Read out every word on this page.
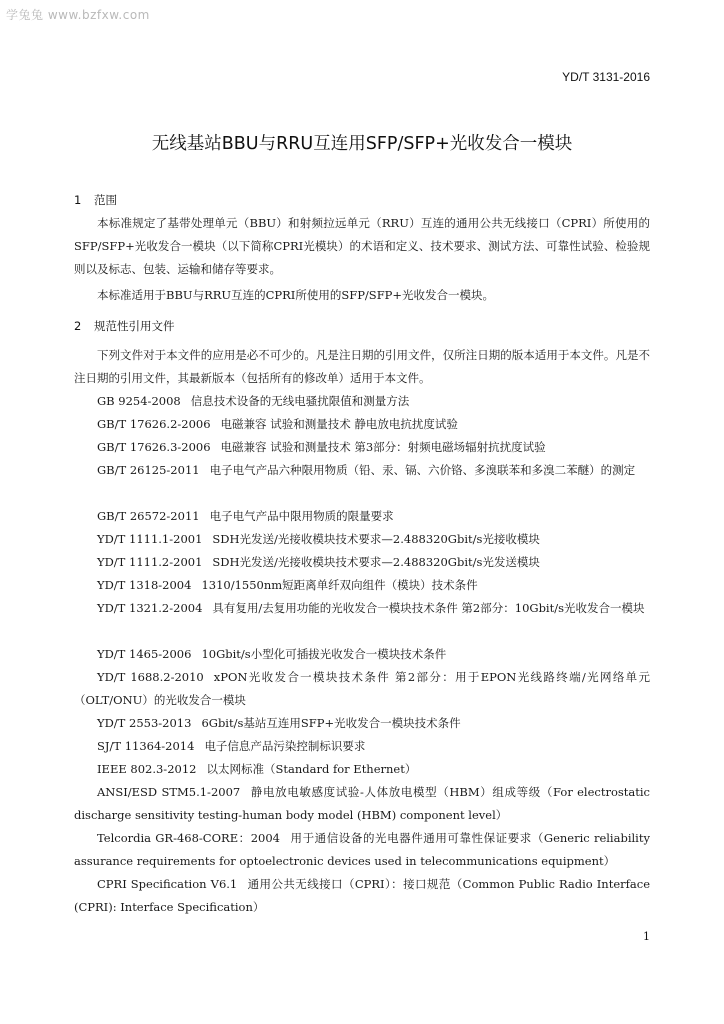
学兔兔 www.bzfxw.com
YD/T 3131-2016
无线基站BBU与RRU互连用SFP/SFP+光收发合一模块
1 范围

本标准规定了基带处理单元（BBU）和射频拉远单元（RRU）互连的通用公共无线接口（CPRI）所使用的SFP/SFP+光收发合一模块（以下简称CPRI光模块）的术语和定义、技术要求、测试方法、可靠性试验、检验规则以及标志、包装、运输和储存等要求。

本标准适用于BBU与RRU互连的CPRI所使用的SFP/SFP+光收发合一模块。

2 规范性引用文件

下列文件对于本文件的应用是必不可少的。凡是注日期的引用文件，仅所注日期的版本适用于本文件。凡是不注日期的引用文件，其最新版本（包括所有的修改单）适用于本文件。

GB 9254-2008 信息技术设备的无线电骚扰限值和测量方法

GB/T 17626.2-2006 电磁兼容 试验和测量技术 静电放电抗扰度试验

GB/T 17626.3-2006 电磁兼容 试验和测量技术 第3部分：射频电磁场辐射抗扰度试验

GB/T 26125-2011 电子电气产品六种限用物质（铅、汞、镉、六价铬、多溴联苯和多溴二苯醚）的测定

GB/T 26572-2011 电子电气产品中限用物质的限量要求

YD/T 1111.1-2001 SDH光发送/光接收模块技术要求—2.488320Gbit/s光接收模块

YD/T 1111.2-2001 SDH光发送/光接收模块技术要求—2.488320Gbit/s光发送模块

YD/T 1318-2004 1310/1550nm短距离单纤双向组件（模块）技术条件

YD/T 1321.2-2004 具有复用/去复用功能的光收发合一模块技术条件 第2部分：10Gbit/s光收发合一模块

YD/T 1465-2006 10Gbit/s小型化可插拔光收发合一模块技术条件

YD/T 1688.2-2010 xPON光收发合一模块技术条件 第2部分：用于EPON光线路终端/光网络单元（OLT/ONU）的光收发合一模块

YD/T 2553-2013 6Gbit/s基站互连用SFP+光收发合一模块技术条件

SJ/T 11364-2014 电子信息产品污染控制标识要求

IEEE 802.3-2012 以太网标准（Standard for Ethernet）

ANSI/ESD STM5.1-2007 静电放电敏感度试验-人体放电模型（HBM）组成等级（For electrostatic discharge sensitivity testing-human body model (HBM) component level）

Telcordia GR-468-CORE：2004 用于通信设备的光电器件通用可靠性保证要求（Generic reliability assurance requirements for optoelectronic devices used in telecommunications equipment）

CPRI Specification V6.1 通用公共无线接口（CPRI）：接口规范（Common Public Radio Interface (CPRI): Interface Specification）

1
